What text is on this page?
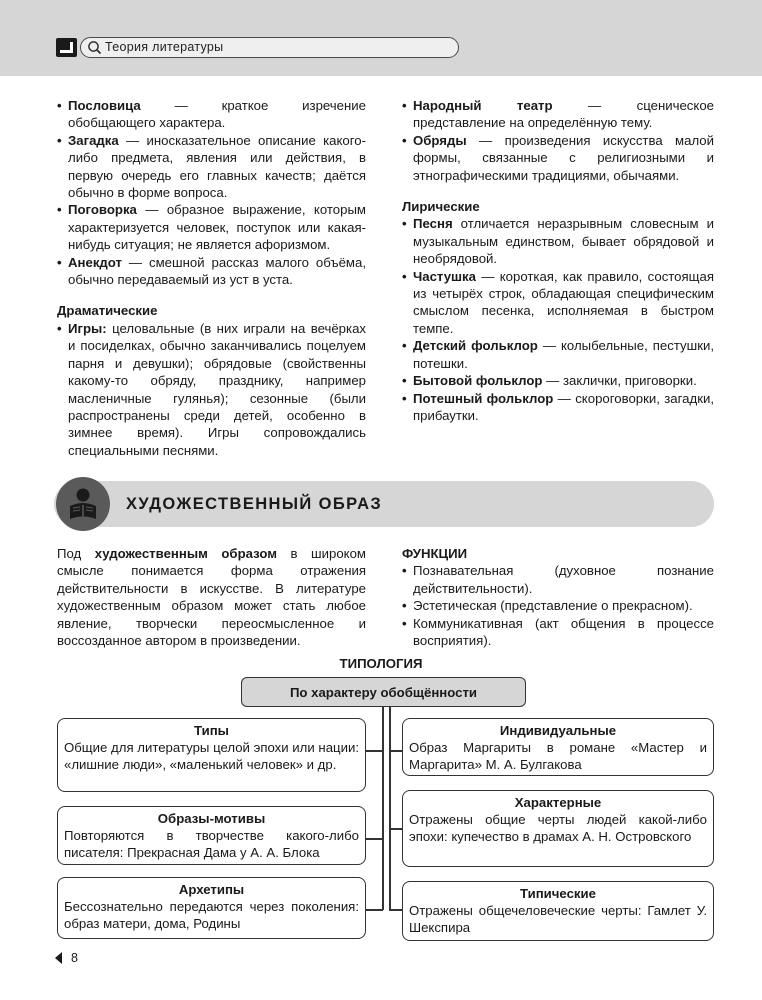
Теория литературы
• Пословица — краткое изречение обобщающего характера.
• Загадка — иносказательное описание какого-либо предмета, явления или действия, в первую очередь его главных качеств; даётся обычно в форме вопроса.
• Поговорка — образное выражение, которым характеризуется человек, поступок или какая-нибудь ситуация; не является афоризмом.
• Анекдот — смешной рассказ малого объёма, обычно передаваемый из уст в уста.
Драматические
• Игры: целовальные (в них играли на вечёрках и посиделках, обычно заканчивались поцелуем парня и девушки); обрядовые (свойственны какому-то обряду, празднику, например масленичные гулянья); сезонные (были распространены среди детей, особенно в зимнее время). Игры сопровождались специальными песнями.
• Народный театр — сценическое представление на определённую тему.
• Обряды — произведения искусства малой формы, связанные с религиозными и этнографическими традициями, обычаями.
Лирические
• Песня отличается неразрывным словесным и музыкальным единством, бывает обрядовой и необрядовой.
• Частушка — короткая, как правило, состоящая из четырёх строк, обладающая специфическим смыслом песенка, исполняемая в быстром темпе.
• Детский фольклор — колыбельные, пестушки, потешки.
• Бытовой фольклор — заклички, приговорки.
• Потешный фольклор — скороговорки, загадки, прибаутки.
ХУДОЖЕСТВЕННЫЙ ОБРАЗ
Под художественным образом в широком смысле понимается форма отражения действительности в искусстве. В литературе художественным образом может стать любое явление, творчески переосмысленное и воссозданное автором в произведении.
ФУНКЦИИ
• Познавательная (духовное познание действительности).
• Эстетическая (представление о прекрасном).
• Коммуникативная (акт общения в процессе восприятия).
ТИПОЛОГИЯ
По характеру обобщённости
Типы
Общие для литературы целой эпохи или нации: «лишние люди», «маленький человек» и др.
Образы-мотивы
Повторяются в творчестве какого-либо писателя: Прекрасная Дама у А. А. Блока
Архетипы
Бессознательно передаются через поколения: образ матери, дома, Родины
Индивидуальные
Образ Маргариты в романе «Мастер и Маргарита» М. А. Булгакова
Характерные
Отражены общие черты людей какой-либо эпохи: купечество в драмах А. Н. Островского
Типические
Отражены общечеловеческие черты: Гамлет У. Шекспира
8
